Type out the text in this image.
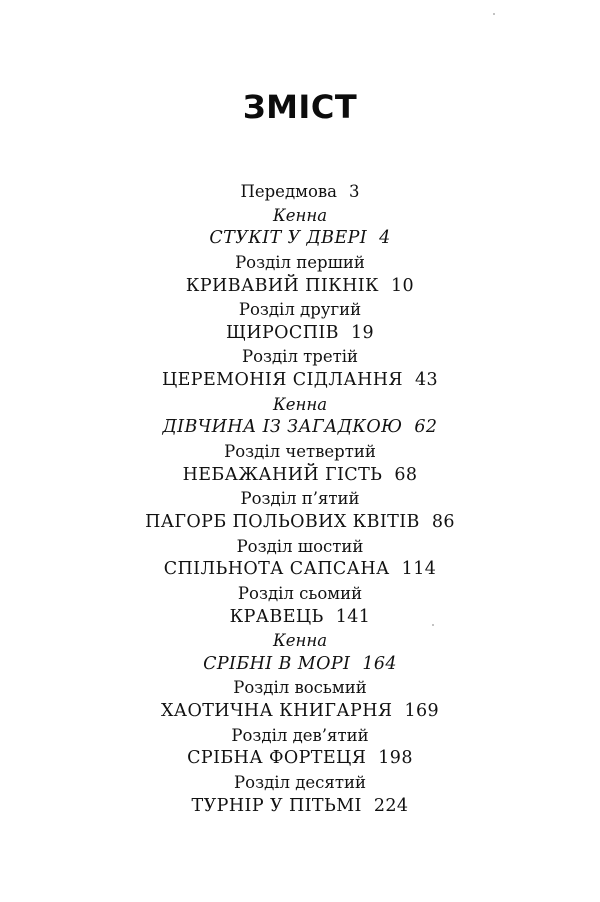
ЗМІСТ
Передмова 3
Кенна
СТУКІТ У ДВЕРІ 4
Розділ перший
КРИВАВИЙ ПІКНІК 10
Розділ другий
ЩИРОСПІВ 19
Розділ третій
ЦЕРЕМОНІЯ СІДЛАННЯ 43
Кенна
ДІВЧИНА ІЗ ЗАГАДКОЮ 62
Розділ четвертий
НЕБАЖАНИЙ ГІСТЬ 68
Розділ п’ятий
ПАГОРБ ПОЛЬОВИХ КВІТІВ 86
Розділ шостий
СПІЛЬНОТА САПСАНА 114
Розділ сьомий
КРАВЕЦЬ 141
Кенна
СРІБНІ В МОРІ 164
Розділ восьмий
ХАОТИЧНА КНИГАРНЯ 169
Розділ дев’ятий
СРІБНА ФОРТЕЦЯ 198
Розділ десятий
ТУРНІР У ПІТЬМІ 224
